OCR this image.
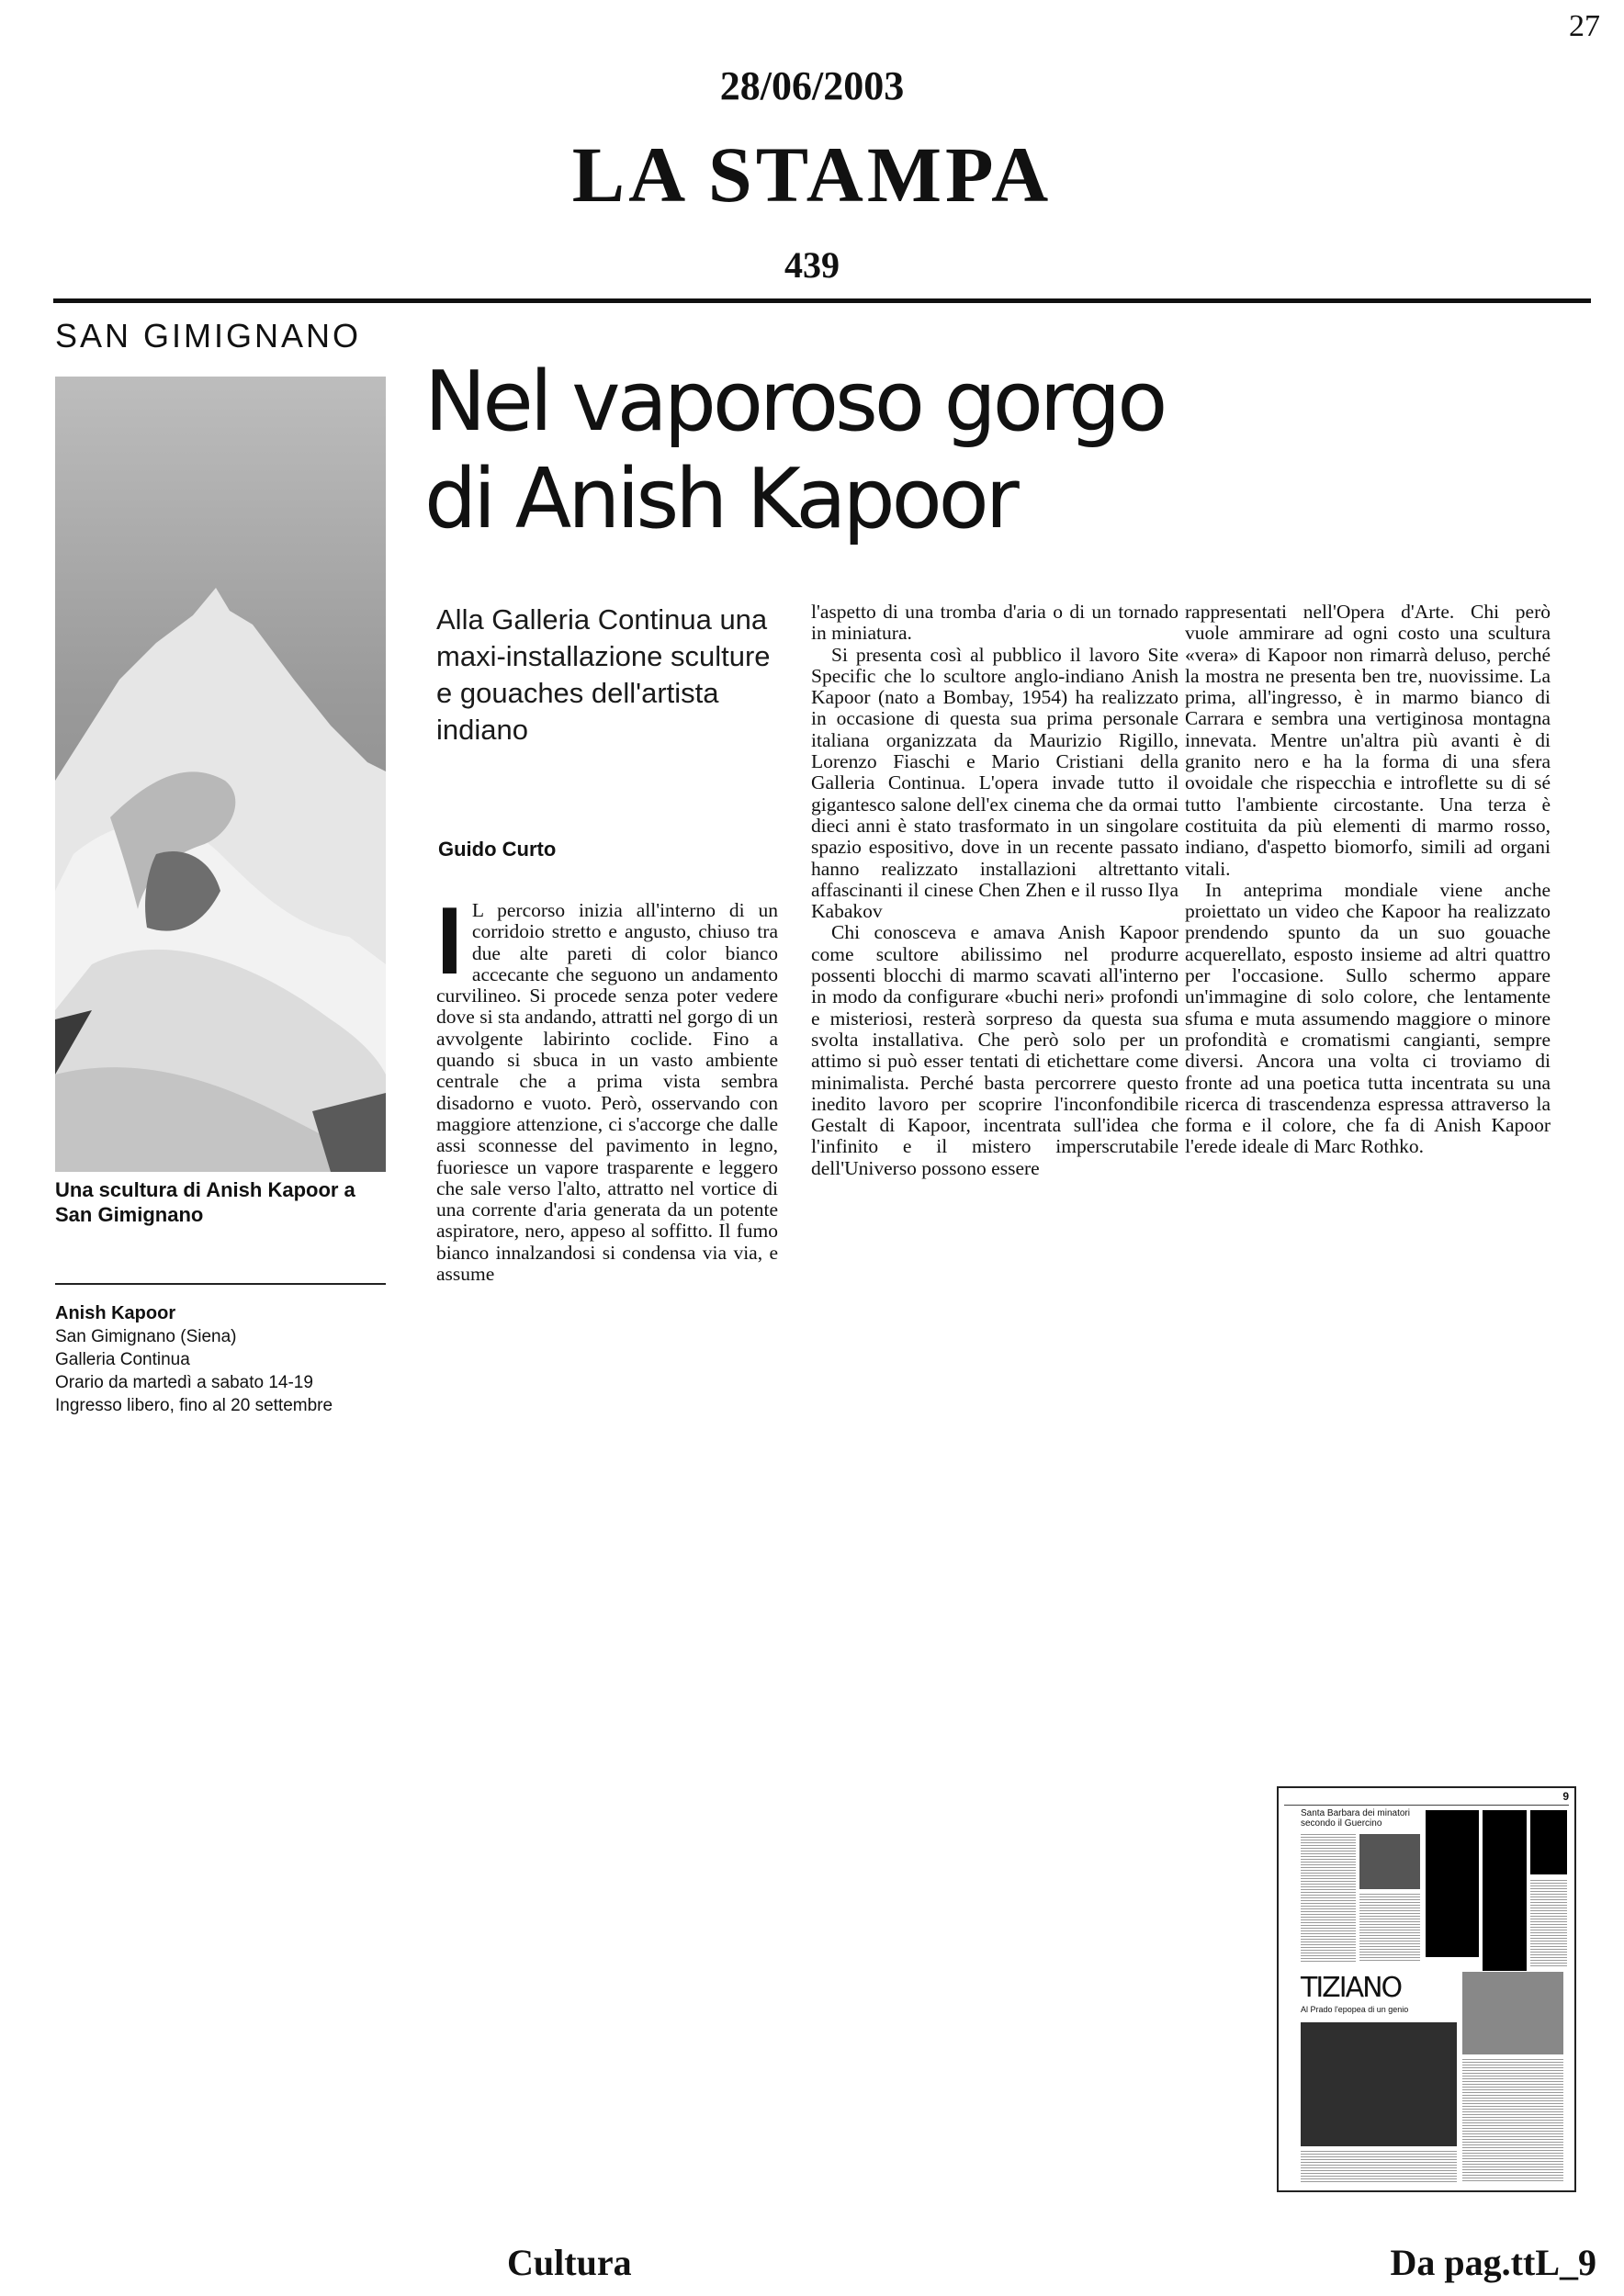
27
28/06/2003
LA STAMPA
439
SAN GIMIGNANO
Una scultura di Anish Kapoor a San Gimignano
Anish Kapoor
San Gimignano (Siena)
Galleria Continua
Orario da martedì a sabato 14-19
Ingresso libero, fino al 20 settembre
Nel vaporoso gorgo di Anish Kapoor
Alla Galleria Continua una maxi-installazione sculture e gouaches dell'artista indiano
Guido Curto

I L percorso inizia all'interno di un corridoio stretto e angusto, chiuso tra due alte pareti di color bianco accecante che seguono un andamento curvilineo. Si procede senza poter vedere dove si sta andando, attratti nel gorgo di un avvolgente labirinto coclide. Fino a quando si sbuca in un vasto ambiente centrale che a prima vista sembra disadorno e vuoto. Però, osservando con maggiore attenzione, ci s'accorge che dalle assi sconnesse del pavimento in legno, fuoriesce un vapore trasparente e leggero che sale verso l'alto, attratto nel vortice di una corrente d'aria generata da un potente aspiratore, nero, appeso al soffitto. Il fumo bianco innalzandosi si condensa via via, e assume

l'aspetto di una tromba d'aria o di un tornado in miniatura.

Si presenta così al pubblico il lavoro Site Specific che lo scultore anglo-indiano Anish Kapoor (nato a Bombay, 1954) ha realizzato in occasione di questa sua prima personale italiana organizzata da Maurizio Rigillo, Lorenzo Fiaschi e Mario Cristiani della Galleria Continua. L'opera invade tutto il gigantesco salone dell'ex cinema che da ormai dieci anni è stato trasformato in un singolare spazio espositivo, dove in un recente passato hanno realizzato installazioni altrettanto affascinanti il cinese Chen Zhen e il russo Ilya Kabakov

Chi conosceva e amava Anish Kapoor come scultore abilissimo nel produrre possenti blocchi di marmo scavati all'interno in modo da configurare «buchi neri» profondi e misteriosi, resterà sorpreso da questa sua svolta installativa. Che però solo per un attimo si può esser tentati di etichettare come minimalista. Perché basta percorrere questo inedito lavoro per scoprire l'inconfondibile Gestalt di Kapoor, incentrata sull'idea che l'infinito e il mistero imperscrutabile dell'Universo possono essere

rappresentati nell'Opera d'Arte. Chi però vuole ammirare ad ogni costo una scultura «vera» di Kapoor non rimarrà deluso, perché la mostra ne presenta ben tre, nuovissime. La prima, all'ingresso, è in marmo bianco di Carrara e sembra una vertiginosa montagna innevata. Mentre un'altra più avanti è di granito nero e ha la forma di una sfera ovoidale che rispecchia e introflette su di sé tutto l'ambiente circostante. Una terza è costituita da più elementi di marmo rosso, indiano, d'aspetto biomorfo, simili ad organi vitali.

In anteprima mondiale viene anche proiettato un video che Kapoor ha realizzato prendendo spunto da un suo gouache acquerellato, esposto insieme ad altri quattro per l'occasione. Sullo schermo appare un'immagine di solo colore, che lentamente sfuma e muta assumendo maggiore o minore profondità e cromatismi cangianti, sempre diversi. Ancora una volta ci troviamo di fronte ad una poetica tutta incentrata su una ricerca di trascendenza espressa attraverso la forma e il colore, che fa di Anish Kapoor l'erede ideale di Marc Rothko.

9
Santa Barbara dei minatori secondo il Guercino
TIZIANO
Al Prado l'epopea di un genio
Cultura	Da pag.ttL_9
